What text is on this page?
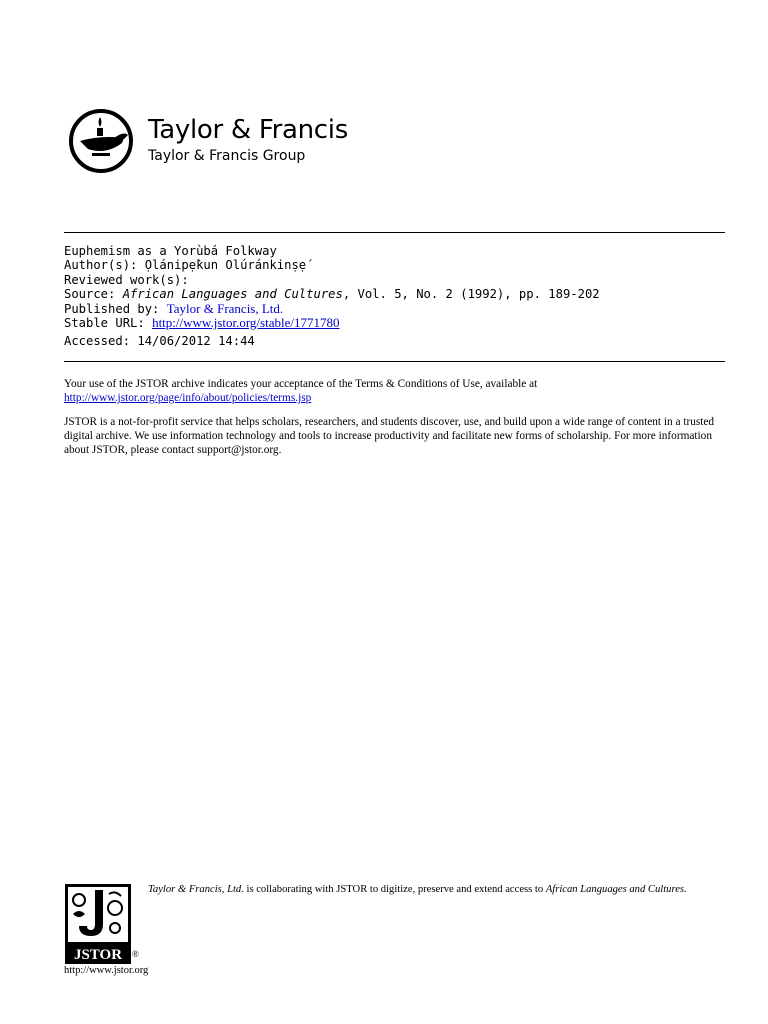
Taylor & Francis
Taylor & Francis Group
Euphemism as a Yorùbá Folkway
Author(s): Ọlánipẹ̀kun Olúránkinṣẹ́
Reviewed work(s):
Source: African Languages and Cultures, Vol. 5, No. 2 (1992), pp. 189-202
Published by: Taylor & Francis, Ltd.
Stable URL: http://www.jstor.org/stable/1771780
Accessed: 14/06/2012 14:44

Your use of the JSTOR archive indicates your acceptance of the Terms & Conditions of Use, available at
http://www.jstor.org/page/info/about/policies/terms.jsp

JSTOR is a not-for-profit service that helps scholars, researchers, and students discover, use, and build upon a wide range of content in a trusted digital archive. We use information technology and tools to increase productivity and facilitate new forms of scholarship. For more information about JSTOR, please contact support@jstor.org.

JSTOR ®
http://www.jstor.org
Taylor & Francis, Ltd. is collaborating with JSTOR to digitize, preserve and extend access to African Languages and Cultures.
